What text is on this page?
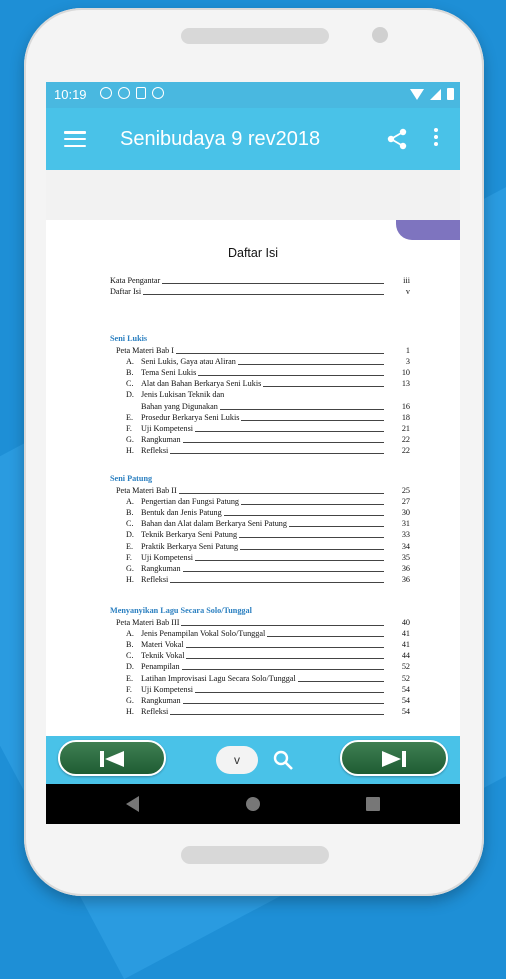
10:19
Senibudaya 9 rev2018
Daftar Isi
Kata Pengantar	iii
Daftar Isi	v
Seni Lukis
Peta Materi Bab I	1
A. Seni Lukis, Gaya atau Aliran	3
B. Tema Seni Lukis	10
C. Alat dan Bahan Berkarya Seni Lukis	13
D. Jenis Lukisan Teknik dan
Bahan yang Digunakan	16
E. Prosedur Berkarya Seni Lukis	18
F. Uji Kompetensi	21
G. Rangkuman	22
H. Refleksi	22
Seni Patung
Peta Materi Bab II	25
A. Pengertian dan Fungsi Patung	27
B. Bentuk dan Jenis Patung	30
C. Bahan dan Alat dalam Berkarya Seni Patung	31
D. Teknik Berkarya Seni Patung	33
E. Praktik Berkarya Seni Patung	34
F. Uji Kompetensi	35
G. Rangkuman	36
H. Refleksi	36
Menyanyikan Lagu Secara Solo/Tunggal
Peta Materi Bab III	40
A. Jenis Penampilan Vokal Solo/Tunggal	41
B. Materi Vokal	41
C. Teknik Vokal	44
D. Penampilan	52
E. Latihan Improvisasi Lagu Secara Solo/Tunggal	52
F. Uji Kompetensi	54
G. Rangkuman	54
H. Refleksi	54
v
